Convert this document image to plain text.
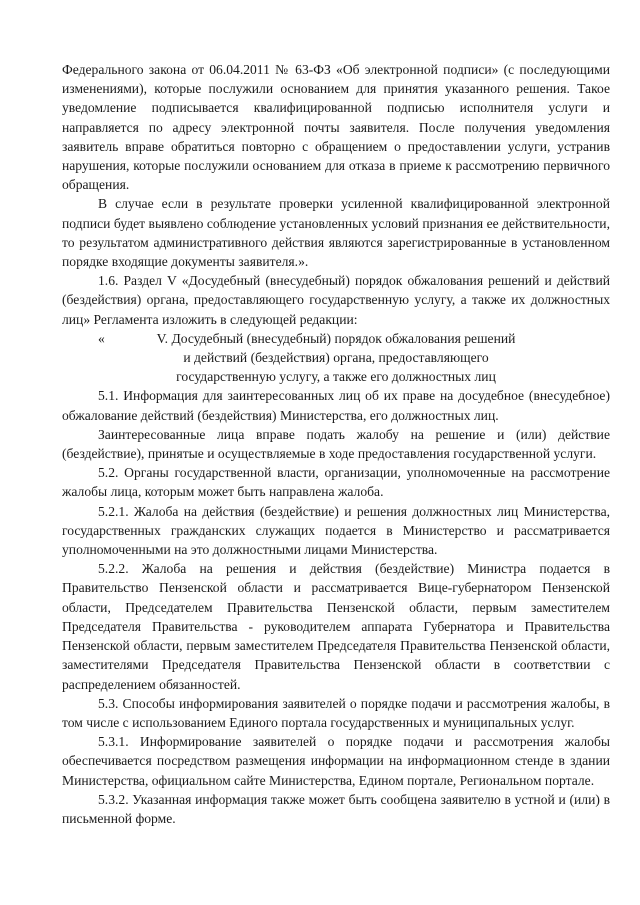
Федерального закона от 06.04.2011 № 63-ФЗ «Об электронной подписи» (с последующими изменениями), которые послужили основанием для принятия указанного решения. Такое уведомление подписывается квалифицированной подписью исполнителя услуги и направляется по адресу электронной почты заявителя. После получения уведомления заявитель вправе обратиться повторно с обращением о предоставлении услуги, устранив нарушения, которые послужили основанием для отказа в приеме к рассмотрению первичного обращения.

В случае если в результате проверки усиленной квалифицированной электронной подписи будет выявлено соблюдение установленных условий признания ее действительности, то результатом административного действия являются зарегистрированные в установленном порядке входящие документы заявителя.».

1.6. Раздел V «Досудебный (внесудебный) порядок обжалования решений и действий (бездействия) органа, предоставляющего государственную услугу, а также их должностных лиц» Регламента изложить в следующей редакции:

«	V. Досудебный (внесудебный) порядок обжалования решений
и действий (бездействия) органа, предоставляющего
государственную услугу, а также его должностных лиц

5.1. Информация для заинтересованных лиц об их праве на досудебное (внесудебное) обжалование действий (бездействия) Министерства, его должностных лиц.

Заинтересованные лица вправе подать жалобу на решение и (или) действие (бездействие), принятые и осуществляемые в ходе предоставления государственной услуги.

5.2. Органы государственной власти, организации, уполномоченные на рассмотрение жалобы лица, которым может быть направлена жалоба.

5.2.1. Жалоба на действия (бездействие) и решения должностных лиц Министерства, государственных гражданских служащих подается в Министерство и рассматривается уполномоченными на это должностными лицами Министерства.

5.2.2. Жалоба на решения и действия (бездействие) Министра подается в Правительство Пензенской области и рассматривается Вице-губернатором Пензенской области, Председателем Правительства Пензенской области, первым заместителем Председателя Правительства - руководителем аппарата Губернатора и Правительства Пензенской области, первым заместителем Председателя Правительства Пензенской области, заместителями Председателя Правительства Пензенской области в соответствии с распределением обязанностей.

5.3. Способы информирования заявителей о порядке подачи и рассмотрения жалобы, в том числе с использованием Единого портала государственных и муниципальных услуг.

5.3.1. Информирование заявителей о порядке подачи и рассмотрения жалобы обеспечивается посредством размещения информации на информационном стенде в здании Министерства, официальном сайте Министерства, Едином портале, Региональном портале.

5.3.2. Указанная информация также может быть сообщена заявителю в устной и (или) в письменной форме.
